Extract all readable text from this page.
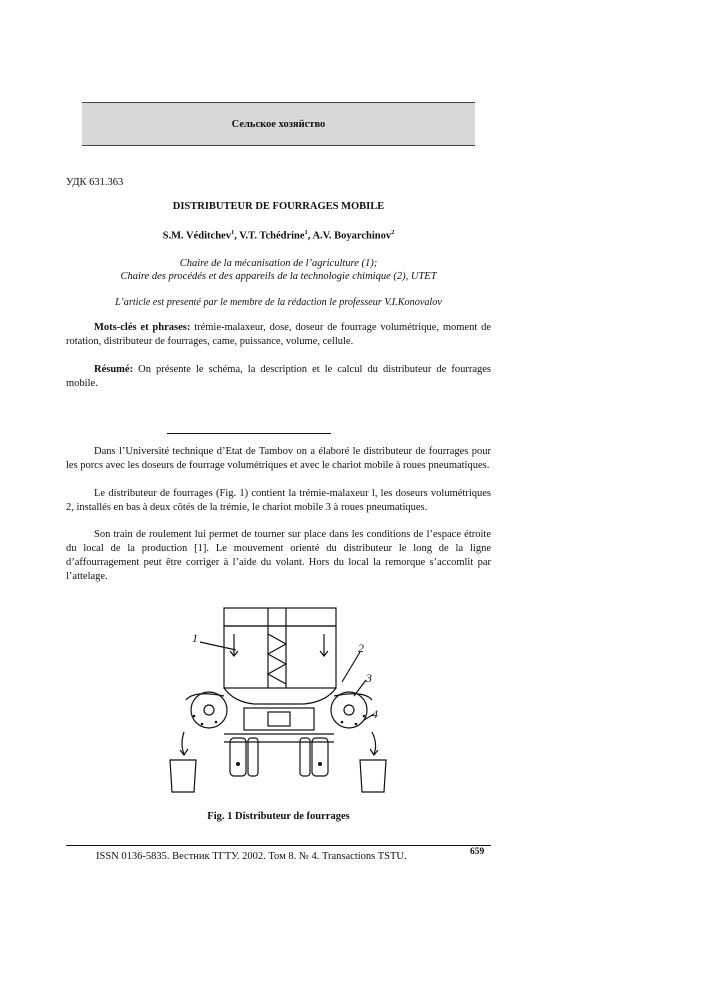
Сельское хозяйство
УДК 631.363
DISTRIBUTEUR DE FOURRAGES MOBILE
S.M. Véditchev$^1$, V.T. Tchédrine$^1$, A.V. Boyarchinov$^2$
Chaire de la mécanisation de l’agriculture (1);
Chaire des procédés et des appareils de la technologie chimique (2), UTET
L’article est presenté par le membre de la rédaction le professeur V.I.Konovalov
Mots-clés et phrases: trémie-malaxeur, dose, doseur de fourrage volumétrique, moment de rotation, distributeur de fourrages, came, puissance, volume, cellule.
Résumé: On présente le schéma, la description et le calcul du distributeur de fourrages mobile.
Dans l’Université technique d’Etat de Tambov on a élaboré le distributeur de fourrages pour les porcs avec les doseurs de fourrage volumétriques et avec le chariot mobile à roues pneumatiques.
Le distributeur de fourrages (Fig. 1) contient la trémie-malaxeur l, les doseurs volumétriques 2, installés en bas à deux côtés de la trémie, le chariot mobile 3 à roues pneumatiques.
Son train de roulement lui permet de tourner sur place dans les conditions de l’espace étroite du local de la production [1]. Le mouvement orienté du distributeur le long de la ligne d’affourragement peut être corriger à l’aide du volant. Hors du local la remorque s’accomlit par l’attelage.
1
2
3
4
Fig. 1 Distributeur de fourrages
ISSN 0136-5835. Вестник ТГТУ. 2002. Том 8. № 4. Transactions TSTU.	659
